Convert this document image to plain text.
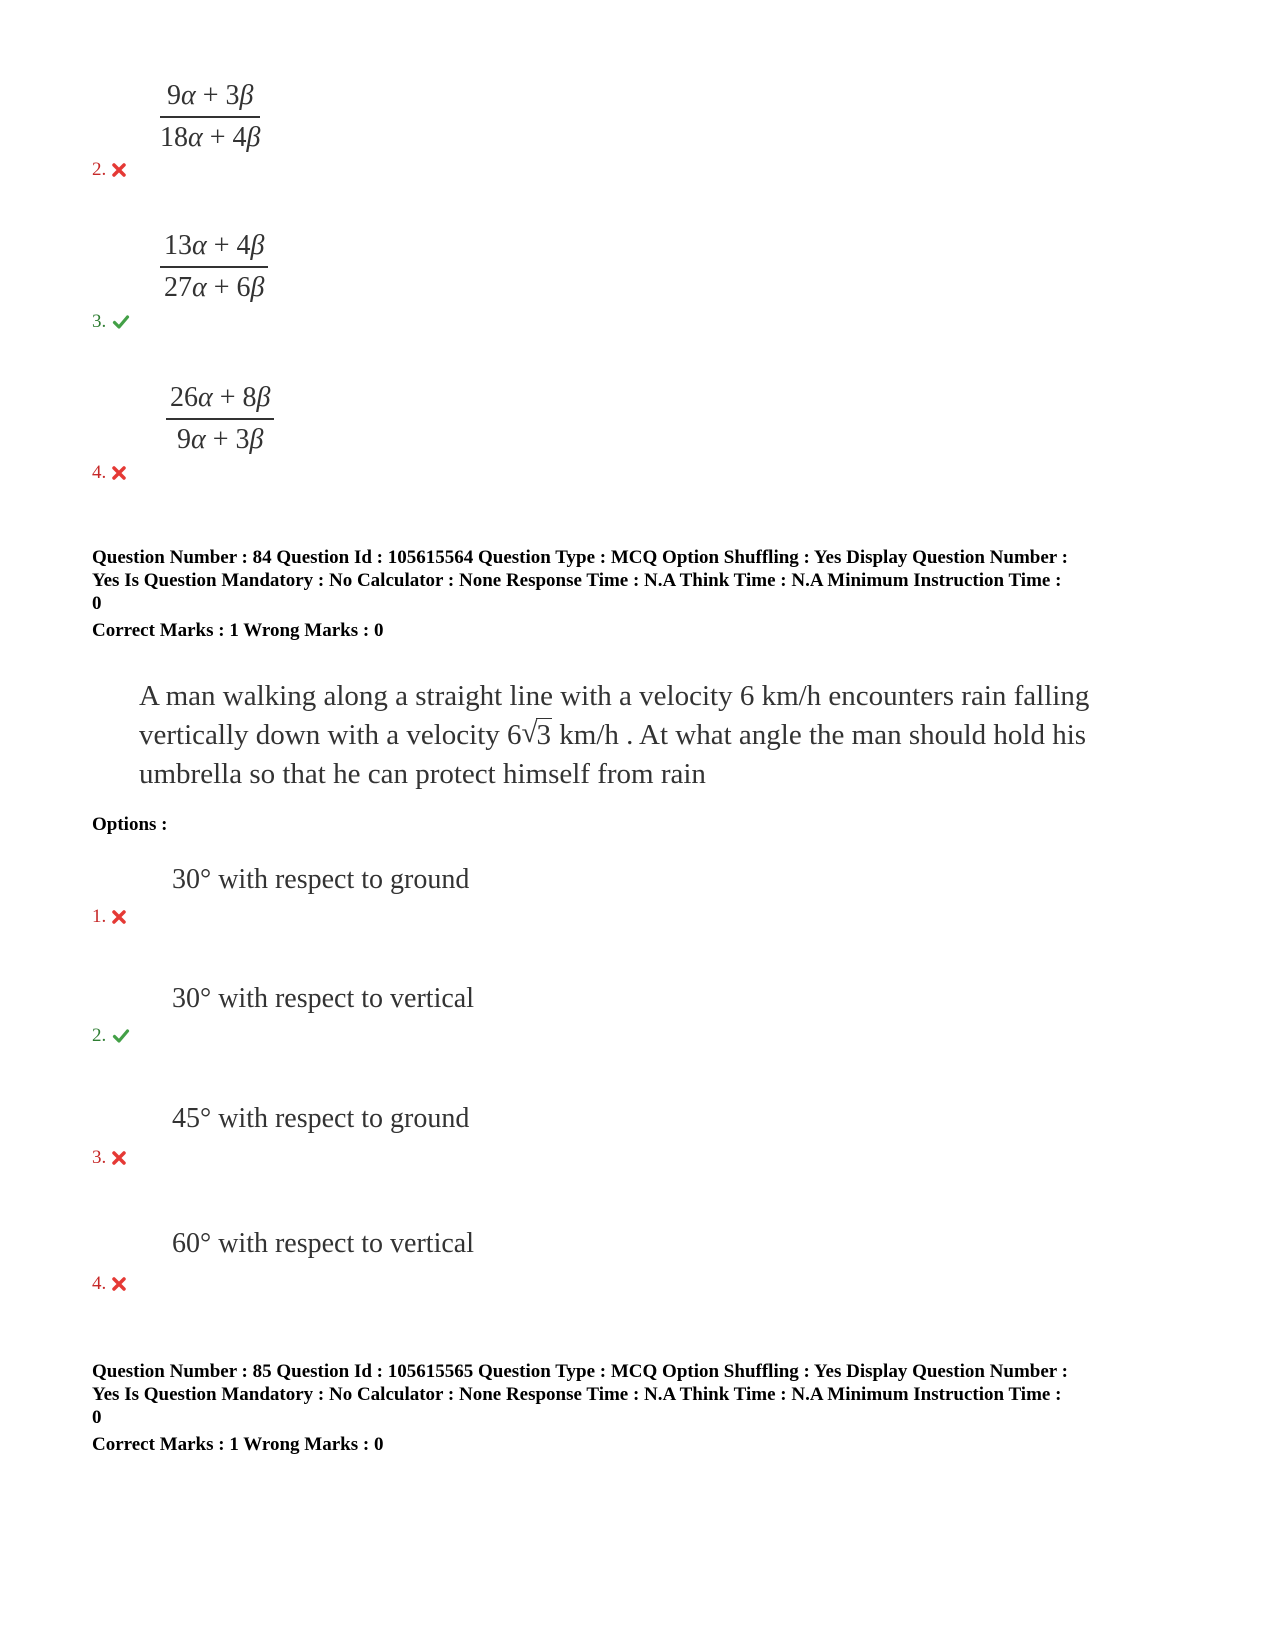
$\frac{9\alpha + 3\beta}{18\alpha + 4\beta}$
2.
$\frac{13\alpha + 4\beta}{27\alpha + 6\beta}$
3.
$\frac{26\alpha + 8\beta}{9\alpha + 3\beta}$
4.
Question Number : 84 Question Id : 105615564 Question Type : MCQ Option Shuffling : Yes Display Question Number :
Yes Is Question Mandatory : No Calculator : None Response Time : N.A Think Time : N.A Minimum Instruction Time :
0
Correct Marks : 1 Wrong Marks : 0
A man walking along a straight line with a velocity 6 km/h encounters rain falling
vertically down with a velocity 6√ 3 km/h . At what angle the man should hold his
umbrella so that he can protect himself from rain
Options :
30° with respect to ground
1.
30° with respect to vertical
2.
45° with respect to ground
3.
60° with respect to vertical
4.
Question Number : 85 Question Id : 105615565 Question Type : MCQ Option Shuffling : Yes Display Question Number :
Yes Is Question Mandatory : No Calculator : None Response Time : N.A Think Time : N.A Minimum Instruction Time :
0
Correct Marks : 1 Wrong Marks : 0
